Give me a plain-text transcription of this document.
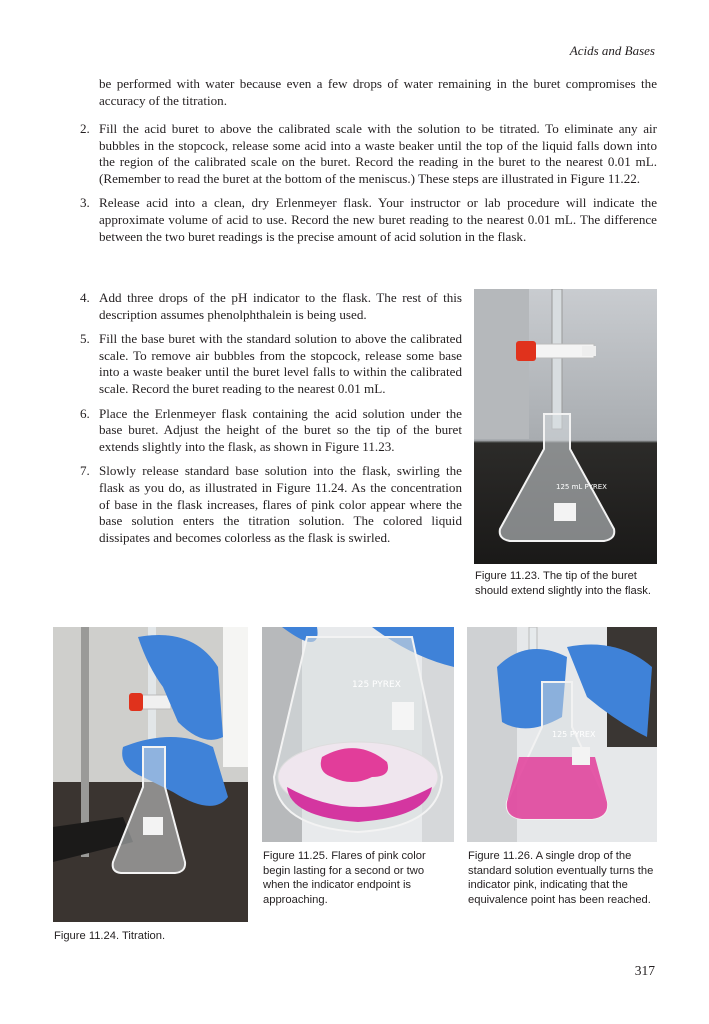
Acids and Bases
be performed with water because even a few drops of water remaining in the buret compromises the accuracy of the titration.
2. Fill the acid buret to above the calibrated scale with the solution to be titrated. To eliminate any air bubbles in the stopcock, release some acid into a waste beaker until the top of the liquid falls down into the region of the calibrated scale on the buret. Record the reading in the buret to the nearest 0.01 mL. (Remember to read the buret at the bottom of the meniscus.) These steps are illustrated in Figure 11.22.
3. Release acid into a clean, dry Erlenmeyer flask. Your instructor or lab procedure will indicate the approximate volume of acid to use. Record the new buret reading to the nearest 0.01 mL. The difference between the two buret readings is the precise amount of acid solution in the flask.
4. Add three drops of the pH indicator to the flask. The rest of this description assumes phenolphthalein is being used.
5. Fill the base buret with the standard solution to above the calibrated scale. To remove air bubbles from the stopcock, release some base into a waste beaker until the buret level falls to within the calibrated scale. Record the buret reading to the nearest 0.01 mL.
6. Place the Erlenmeyer flask containing the acid solution under the base buret. Adjust the height of the buret so the tip of the buret extends slightly into the flask, as shown in Figure 11.23.
7. Slowly release standard base solution into the flask, swirling the flask as you do, as illustrated in Figure 11.24. As the concentration of base in the flask increases, flares of pink color appear where the base solution enters the titration solution. The colored liquid dissipates and becomes colorless as the flask is swirled.
125 mL PYREX
Figure 11.23. The tip of the buret should extend slightly into the flask.
Figure 11.24. Titration.
125 PYREX
Figure 11.25. Flares of pink color begin lasting for a second or two when the indicator endpoint is approaching.
125 PYREX
Figure 11.26. A single drop of the standard solution eventually turns the indicator pink, indicating that the equivalence point has been reached.
317
